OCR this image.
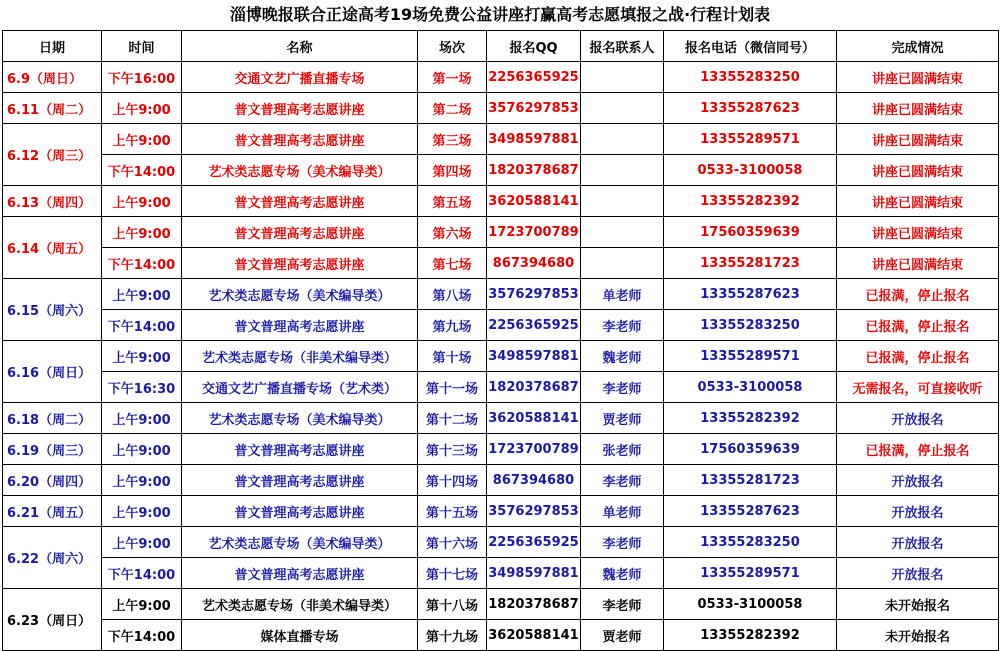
淄博晚报联合正途高考19场免费公益讲座打赢高考志愿填报之战·行程计划表
日期	时间	名称	场次	报名QQ	报名联系人	报名电话（微信同号）	完成情况
6.9（周日）	下午16:00	交通文艺广播直播专场	第一场	2256365925		13355283250	讲座已圆满结束
6.11（周二）	上午9:00	普文普理高考志愿讲座	第二场	3576297853		13355287623	讲座已圆满结束
6.12（周三）	上午9:00	普文普理高考志愿讲座	第三场	3498597881		13355289571	讲座已圆满结束
	下午14:00	艺术类志愿专场（美术编导类）	第四场	1820378687		0533-3100058	讲座已圆满结束
6.13（周四）	上午9:00	普文普理高考志愿讲座	第五场	3620588141		13355282392	讲座已圆满结束
6.14（周五）	上午9:00	普文普理高考志愿讲座	第六场	1723700789		17560359639	讲座已圆满结束
	下午14:00	普文普理高考志愿讲座	第七场	867394680		13355281723	讲座已圆满结束
6.15（周六）	上午9:00	艺术类志愿专场（美术编导类）	第八场	3576297853	单老师	13355287623	已报满，停止报名
	下午14:00	普文普理高考志愿讲座	第九场	2256365925	李老师	13355283250	已报满，停止报名
6.16（周日）	上午9:00	艺术类志愿专场（非美术编导类）	第十场	3498597881	魏老师	13355289571	已报满，停止报名
	下午16:30	交通文艺广播直播专场（艺术类）	第十一场	1820378687	李老师	0533-3100058	无需报名，可直接收听
6.18（周二）	上午9:00	艺术类志愿专场（美术编导类）	第十二场	3620588141	贾老师	13355282392	开放报名
6.19（周三）	上午9:00	普文普理高考志愿讲座	第十三场	1723700789	张老师	17560359639	已报满，停止报名
6.20（周四）	上午9:00	普文普理高考志愿讲座	第十四场	867394680	李老师	13355281723	开放报名
6.21（周五）	上午9:00	普文普理高考志愿讲座	第十五场	3576297853	单老师	13355287623	开放报名
6.22（周六）	上午9:00	艺术类志愿专场（美术编导类）	第十六场	2256365925	李老师	13355283250	开放报名
	下午14:00	普文普理高考志愿讲座	第十七场	3498597881	魏老师	13355289571	开放报名
6.23（周日）	上午9:00	艺术类志愿专场（非美术编导类）	第十八场	1820378687	李老师	0533-3100058	未开始报名
	下午14:00	媒体直播专场	第十九场	3620588141	贾老师	13355282392	未开始报名
